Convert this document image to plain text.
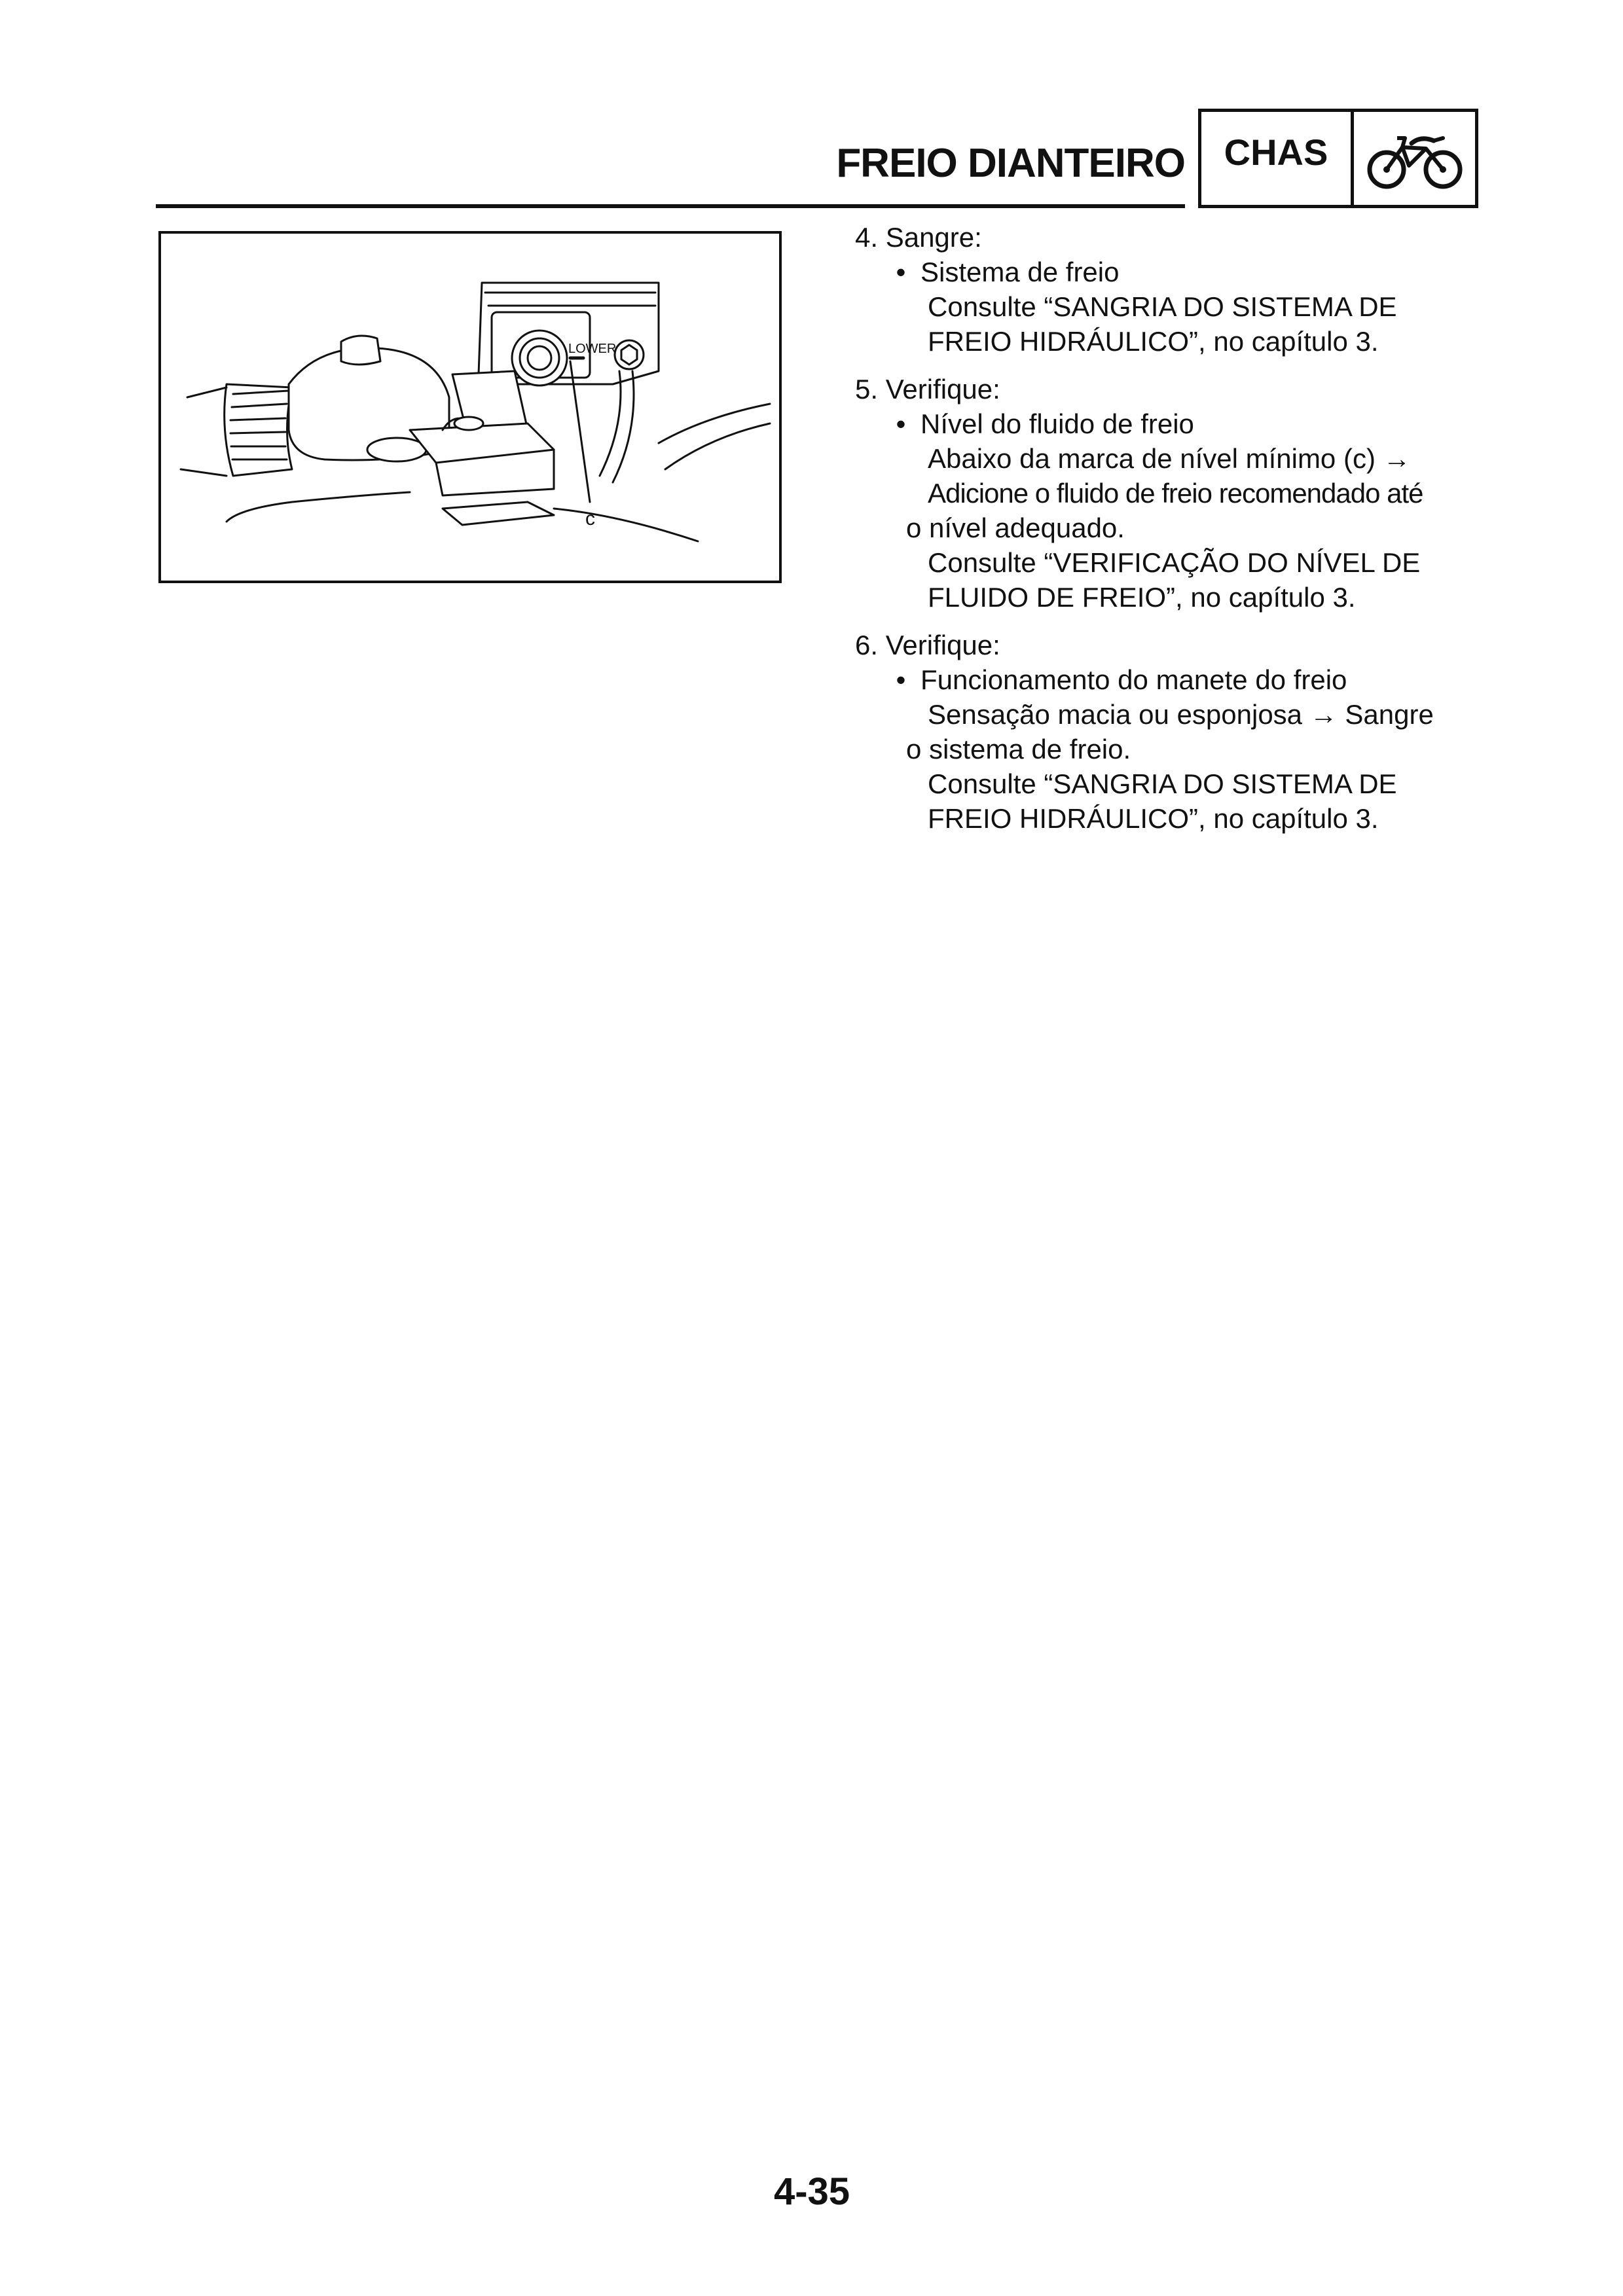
FREIO DIANTEIRO	CHAS
LOWER
c
4. Sangre:
• Sistema de freio
Consulte “SANGRIA DO SISTEMA DE
FREIO HIDRÁULICO”, no capítulo 3.
5. Verifique:
• Nível do fluido de freio
Abaixo da marca de nível mínimo (c) →
Adicione o fluido de freio recomendado até
o nível adequado.
Consulte “VERIFICAÇÃO DO NÍVEL DE
FLUIDO DE FREIO”, no capítulo 3.
6. Verifique:
• Funcionamento do manete do freio
Sensação macia ou esponjosa → Sangre
o sistema de freio.
Consulte “SANGRIA DO SISTEMA DE
FREIO HIDRÁULICO”, no capítulo 3.
4-35
